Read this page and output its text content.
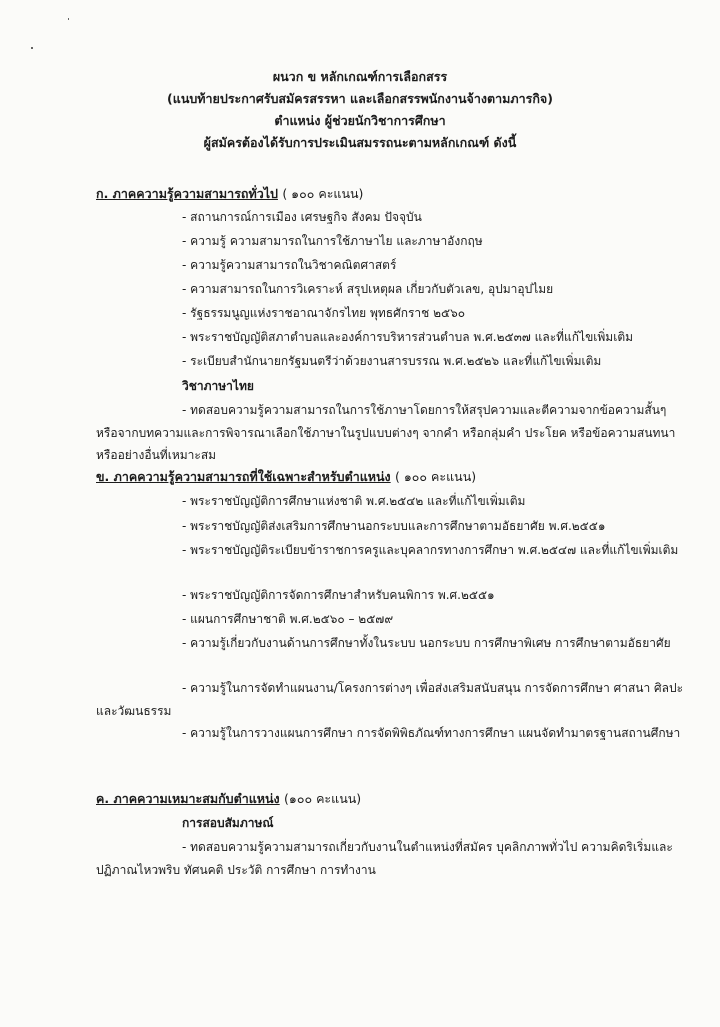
ผนวก ข หลักเกณฑ์การเลือกสรร
(แนบท้ายประกาศรับสมัครสรรหา และเลือกสรรพนักงานจ้างตามภารกิจ)
ตำแหน่ง ผู้ช่วยนักวิชาการศึกษา
ผู้สมัครต้องได้รับการประเมินสมรรถนะตามหลักเกณฑ์ ดังนี้
ก. ภาคความรู้ความสามารถทั่วไป ( ๑๐๐ คะแนน)
- สถานการณ์การเมือง เศรษฐกิจ สังคม ปัจจุบัน
- ความรู้ ความสามารถในการใช้ภาษาไย และภาษาอังกฤษ
- ความรู้ความสามารถในวิชาคณิตศาสตร์
- ความสามารถในการวิเคราะห์ สรุปเหตุผล เกี่ยวกับตัวเลข, อุปมาอุปไมย
- รัฐธรรมนูญแห่งราชอาณาจักรไทย พุทธศักราช ๒๕๖๐
- พระราชบัญญัติสภาตำบลและองค์การบริหารส่วนตำบล พ.ศ.๒๕๓๗ และที่แก้ไขเพิ่มเติม
- ระเบียบสำนักนายกรัฐมนตรีว่าด้วยงานสารบรรณ พ.ศ.๒๕๒๖ และที่แก้ไขเพิ่มเติม
วิชาภาษาไทย
- ทดสอบความรู้ความสามารถในการใช้ภาษาโดยการให้สรุปความและตีความจากข้อความสั้นๆ หรือจากบทความและการพิจารณาเลือกใช้ภาษาในรูปแบบต่างๆ จากคำ หรือกลุ่มคำ ประโยค หรือข้อความสนทนา หรืออย่างอื่นที่เหมาะสม
ข. ภาคความรู้ความสามารถที่ใช้เฉพาะสำหรับตำแหน่ง ( ๑๐๐ คะแนน)
- พระราชบัญญัติการศึกษาแห่งชาติ พ.ศ.๒๕๔๒ และที่แก้ไขเพิ่มเติม
- พระราชบัญญัติส่งเสริมการศึกษานอกระบบและการศึกษาตามอัธยาศัย พ.ศ.๒๕๕๑
- พระราชบัญญัติระเบียบข้าราชการครูและบุคลากรทางการศึกษา พ.ศ.๒๕๔๗ และที่แก้ไขเพิ่มเติม
- พระราชบัญญัติการจัดการศึกษาสำหรับคนพิการ พ.ศ.๒๕๕๑
- แผนการศึกษาชาติ พ.ศ.๒๕๖๐ – ๒๕๗๙
- ความรู้เกี่ยวกับงานด้านการศึกษาทั้งในระบบ นอกระบบ การศึกษาพิเศษ การศึกษาตามอัธยาศัย
- ความรู้ในการจัดทำแผนงาน/โครงการต่างๆ เพื่อส่งเสริมสนับสนุน การจัดการศึกษา ศาสนา ศิลปะและวัฒนธรรม
- ความรู้ในการวางแผนการศึกษา การจัดพิพิธภัณฑ์ทางการศึกษา แผนจัดทำมาตรฐานสถานศึกษา
ค. ภาคความเหมาะสมกับตำแหน่ง (๑๐๐ คะแนน)
การสอบสัมภาษณ์
- ทดสอบความรู้ความสามารถเกี่ยวกับงานในตำแหน่งที่สมัคร บุคลิกภาพทั่วไป ความคิดริเริ่มและปฏิภาณไหวพริบ ทัศนคติ ประวัติ การศึกษา การทำงาน
